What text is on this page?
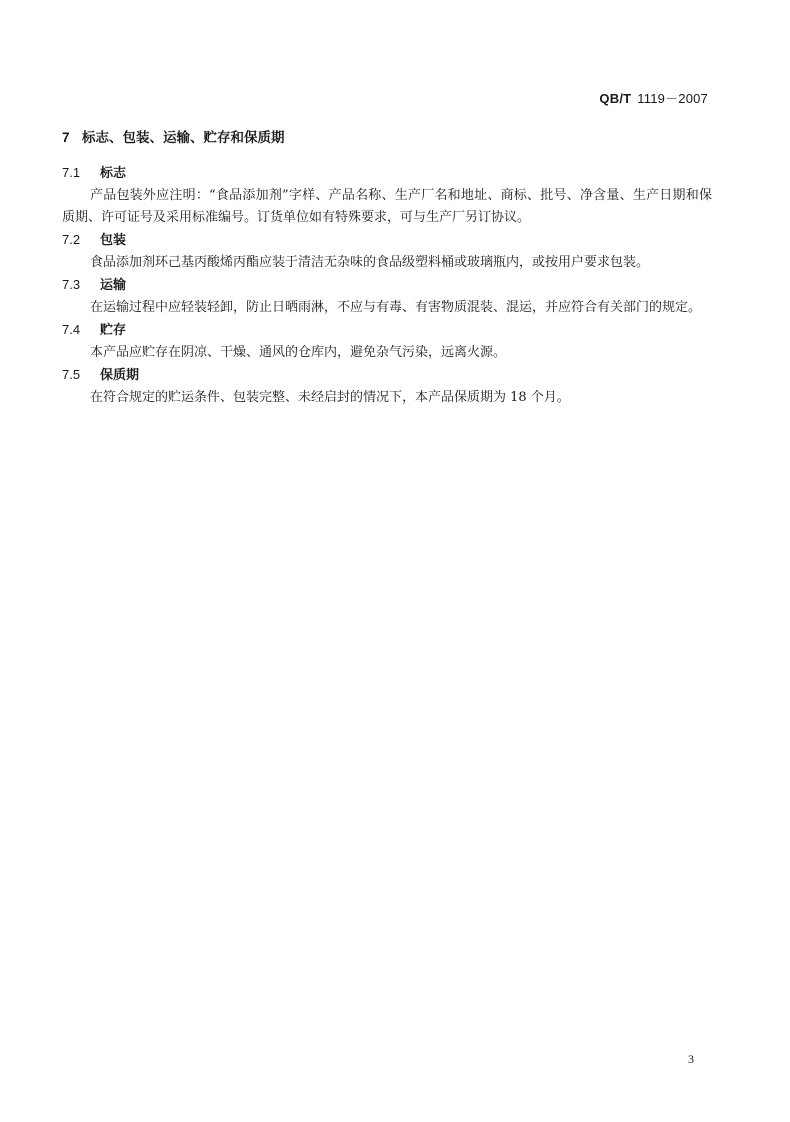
QB/T 1119－2007
7 标志、包装、运输、贮存和保质期
7.1 标志

产品包装外应注明：“食品添加剂”字样、产品名称、生产厂名和地址、商标、批号、净含量、生产日期和保质期、许可证号及采用标准编号。订货单位如有特殊要求，可与生产厂另订协议。

7.2 包装

食品添加剂环己基丙酸烯丙酯应装于清洁无杂味的食品级塑料桶或玻璃瓶内，或按用户要求包装。

7.3 运输

在运输过程中应轻装轻卸，防止日晒雨淋，不应与有毒、有害物质混装、混运，并应符合有关部门的规定。

7.4 贮存

本产品应贮存在阴凉、干燥、通风的仓库内，避免杂气污染，远离火源。

7.5 保质期

在符合规定的贮运条件、包装完整、未经启封的情况下，本产品保质期为 18 个月。

3
